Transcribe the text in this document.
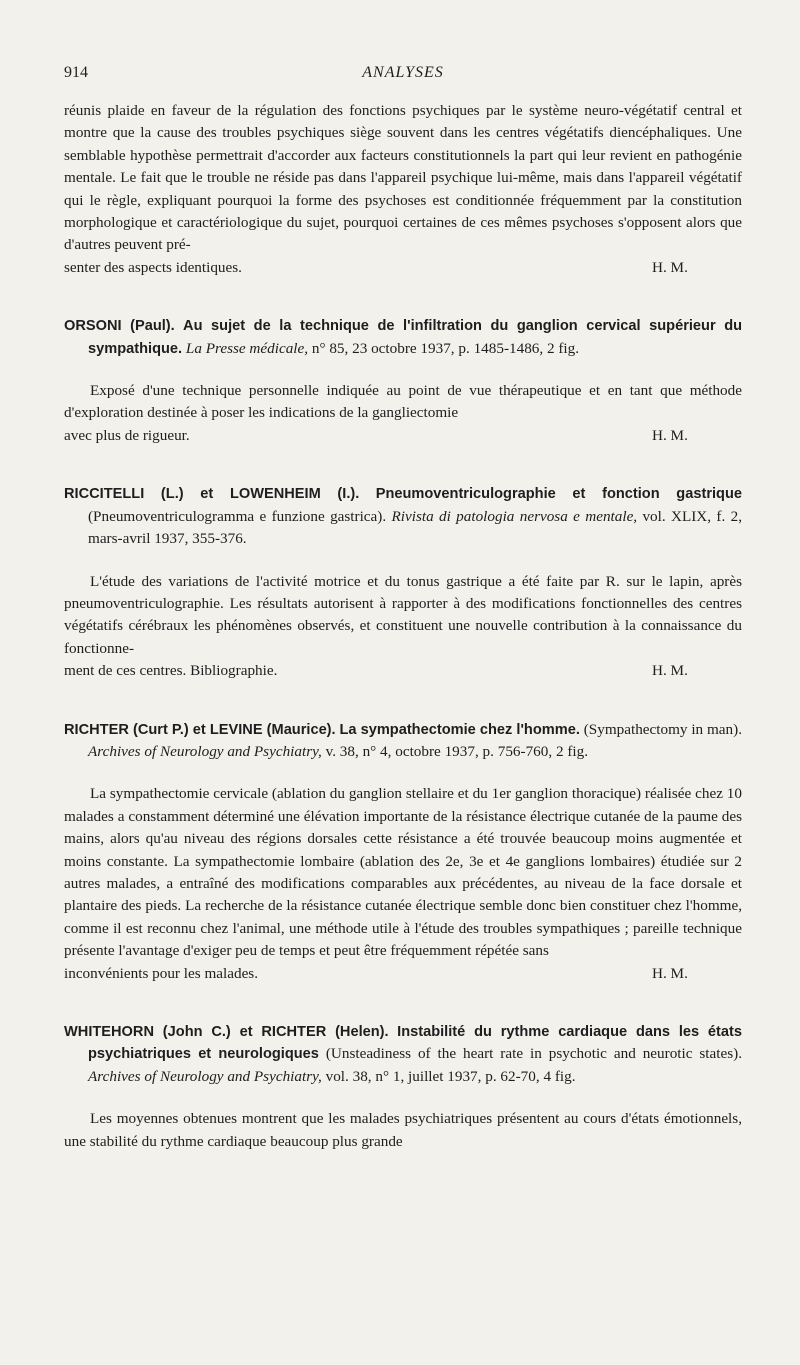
914	ANALYSES

réunis plaide en faveur de la régulation des fonctions psychiques par le système neuro-végétatif central et montre que la cause des troubles psychiques siège souvent dans les centres végétatifs diencéphaliques. Une semblable hypothèse permettrait d'accorder aux facteurs constitutionnels la part qui leur revient en pathogénie mentale. Le fait que le trouble ne réside pas dans l'appareil psychique lui-même, mais dans l'appareil végétatif qui le règle, expliquant pourquoi la forme des psychoses est conditionnée fréquemment par la constitution morphologique et caractériologique du sujet, pourquoi certaines de ces mêmes psychoses s'opposent alors que d'autres peuvent pré-

senter des aspects identiques.	H. M.

ORSONI (Paul). Au sujet de la technique de l'infiltration du ganglion cervical supérieur du sympathique. La Presse médicale, n° 85, 23 octobre 1937, p. 1485-1486, 2 fig.

Exposé d'une technique personnelle indiquée au point de vue thérapeutique et en tant que méthode d'exploration destinée à poser les indications de la gangliectomie

avec plus de rigueur.	H. M.

RICCITELLI (L.) et LOWENHEIM (I.). Pneumoventriculographie et fonction gastrique (Pneumoventriculogramma e funzione gastrica). Rivista di patologia nervosa e mentale, vol. XLIX, f. 2, mars-avril 1937, 355-376.

L'étude des variations de l'activité motrice et du tonus gastrique a été faite par R. sur le lapin, après pneumoventriculographie. Les résultats autorisent à rapporter à des modifications fonctionnelles des centres végétatifs cérébraux les phénomènes observés, et constituent une nouvelle contribution à la connaissance du fonctionne-

ment de ces centres. Bibliographie.	H. M.

RICHTER (Curt P.) et LEVINE (Maurice). La sympathectomie chez l'homme. (Sympathectomy in man). Archives of Neurology and Psychiatry, v. 38, n° 4, octobre 1937, p. 756-760, 2 fig.

La sympathectomie cervicale (ablation du ganglion stellaire et du 1er ganglion thoracique) réalisée chez 10 malades a constamment déterminé une élévation importante de la résistance électrique cutanée de la paume des mains, alors qu'au niveau des régions dorsales cette résistance a été trouvée beaucoup moins augmentée et moins constante. La sympathectomie lombaire (ablation des 2e, 3e et 4e ganglions lombaires) étudiée sur 2 autres malades, a entraîné des modifications comparables aux précédentes, au niveau de la face dorsale et plantaire des pieds. La recherche de la résistance cutanée électrique semble donc bien constituer chez l'homme, comme il est reconnu chez l'animal, une méthode utile à l'étude des troubles sympathiques ; pareille technique présente l'avantage d'exiger peu de temps et peut être fréquemment répétée sans

inconvénients pour les malades.	H. M.

WHITEHORN (John C.) et RICHTER (Helen). Instabilité du rythme cardiaque dans les états psychiatriques et neurologiques (Unsteadiness of the heart rate in psychotic and neurotic states). Archives of Neurology and Psychiatry, vol. 38, n° 1, juillet 1937, p. 62-70, 4 fig.

Les moyennes obtenues montrent que les malades psychiatriques présentent au cours d'états émotionnels, une stabilité du rythme cardiaque beaucoup plus grande
